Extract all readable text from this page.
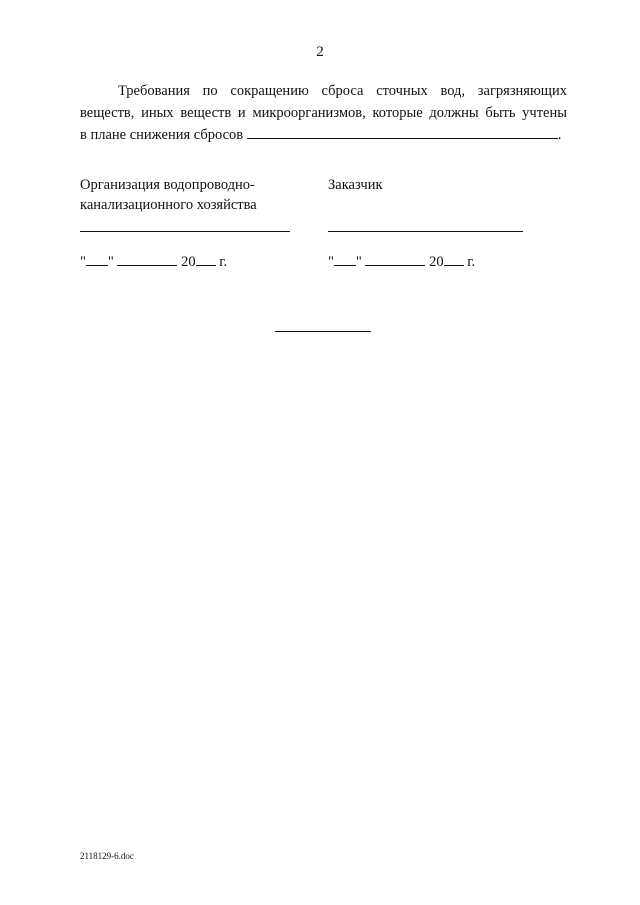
2
Требования по сокращению сброса сточных вод, загрязняющих
веществ, иных веществ и микроорганизмов, которые должны быть учтены
в плане снижения сбросов	.
Организация водопроводно-
канализационного хозяйства
Заказчик
" "	20 г.	" "	20 г.
2118129-6.doc
